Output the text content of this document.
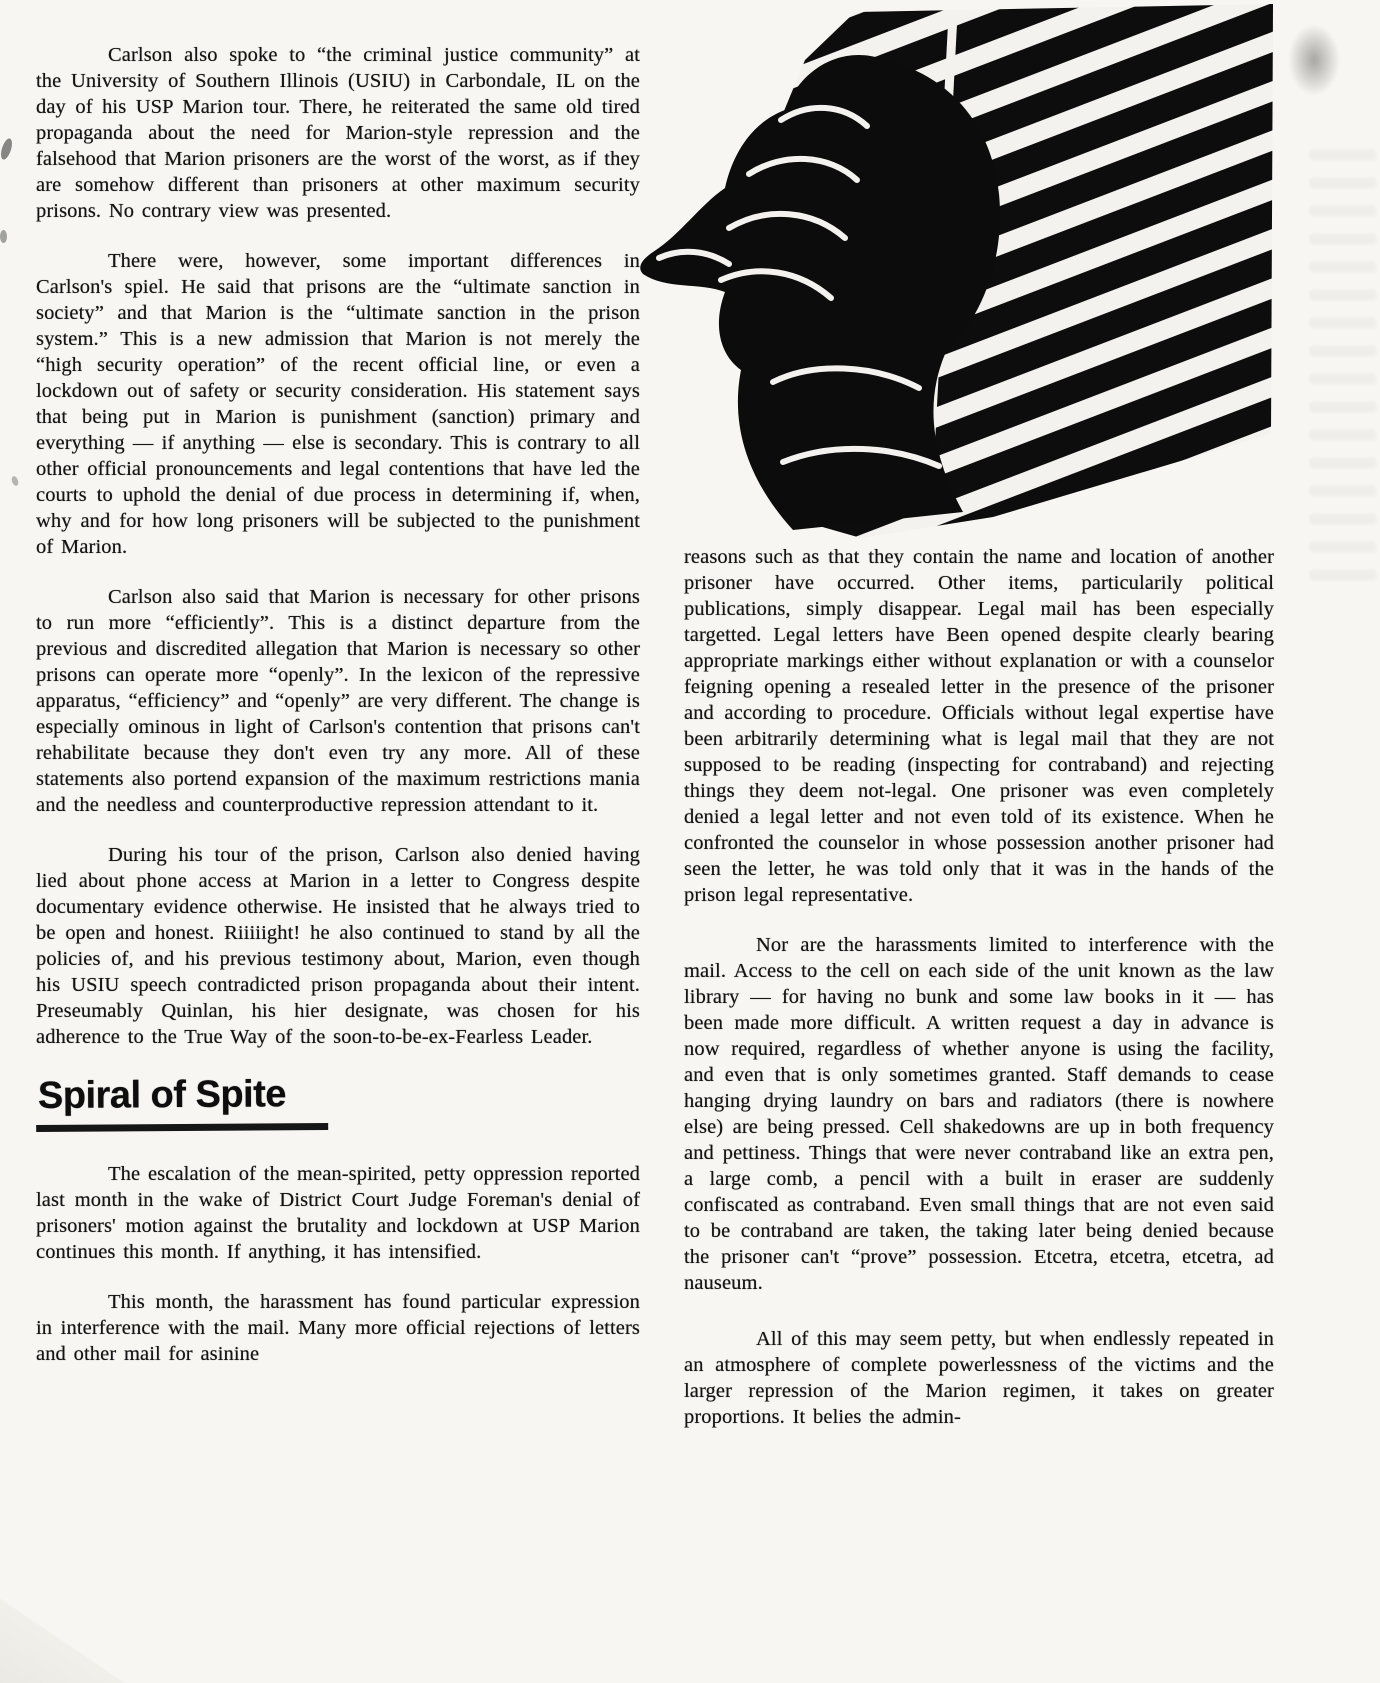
Carlson also spoke to “the criminal justice community” at the University of Southern Illinois (USIU) in Carbondale, IL on the day of his USP Marion tour. There, he reiterated the same old tired propaganda about the need for Marion-style repression and the falsehood that Marion prisoners are the worst of the worst, as if they are somehow different than prisoners at other maximum security prisons. No contrary view was presented.

There were, however, some important differences in Carlson's spiel. He said that prisons are the “ultimate sanction in society” and that Marion is the “ultimate sanction in the prison system.” This is a new admission that Marion is not merely the “high security operation” of the recent official line, or even a lockdown out of safety or security consideration. His statement says that being put in Marion is punishment (sanction) primary and everything — if anything — else is secondary. This is contrary to all other official pronouncements and legal contentions that have led the courts to uphold the denial of due process in determining if, when, why and for how long prisoners will be subjected to the punishment of Marion.

Carlson also said that Marion is necessary for other prisons to run more “efficiently”. This is a distinct departure from the previous and discredited allegation that Marion is necessary so other prisons can operate more “openly”. In the lexicon of the repressive apparatus, “efficiency” and “openly” are very different. The change is especially ominous in light of Carlson's contention that prisons can't rehabilitate because they don't even try any more. All of these statements also portend expansion of the maximum restrictions mania and the needless and counterproductive repression attendant to it.

During his tour of the prison, Carlson also denied having lied about phone access at Marion in a letter to Congress despite documentary evidence otherwise. He insisted that he always tried to be open and honest. Riiiiight! he also continued to stand by all the policies of, and his previous testimony about, Marion, even though his USIU speech contradicted prison propaganda about their intent. Preseumably Quinlan, his hier designate, was chosen for his adherence to the True Way of the soon-to-be-ex-Fearless Leader.

Spiral of Spite

The escalation of the mean-spirited, petty oppression reported last month in the wake of District Court Judge Foreman's denial of prisoners' motion against the brutality and lockdown at USP Marion continues this month. If anything, it has intensified.

This month, the harassment has found particular expression in interference with the mail. Many more official rejections of letters and other mail for asinine

reasons such as that they contain the name and location of another prisoner have occurred. Other items, particularily political publications, simply disappear. Legal mail has been especially targetted. Legal letters have Been opened despite clearly bearing appropriate markings either without explanation or with a counselor feigning opening a resealed letter in the presence of the prisoner and according to procedure. Officials without legal expertise have been arbitrarily determining what is legal mail that they are not supposed to be reading (inspecting for contraband) and rejecting things they deem not-legal. One prisoner was even completely denied a legal letter and not even told of its existence. When he confronted the counselor in whose possession another prisoner had seen the letter, he was told only that it was in the hands of the prison legal representative.

Nor are the harassments limited to interference with the mail. Access to the cell on each side of the unit known as the law library — for having no bunk and some law books in it — has been made more difficult. A written request a day in advance is now required, regardless of whether anyone is using the facility, and even that is only sometimes granted. Staff demands to cease hanging drying laundry on bars and radiators (there is nowhere else) are being pressed. Cell shakedowns are up in both frequency and pettiness. Things that were never contraband like an extra pen, a large comb, a pencil with a built in eraser are suddenly confiscated as contraband. Even small things that are not even said to be contraband are taken, the taking later being denied because the prisoner can't “prove” possession. Etcetra, etcetra, etcetra, ad nauseum.

All of this may seem petty, but when endlessly repeated in an atmosphere of complete powerlessness of the victims and the larger repression of the Marion regimen, it takes on greater proportions. It belies the admin-
